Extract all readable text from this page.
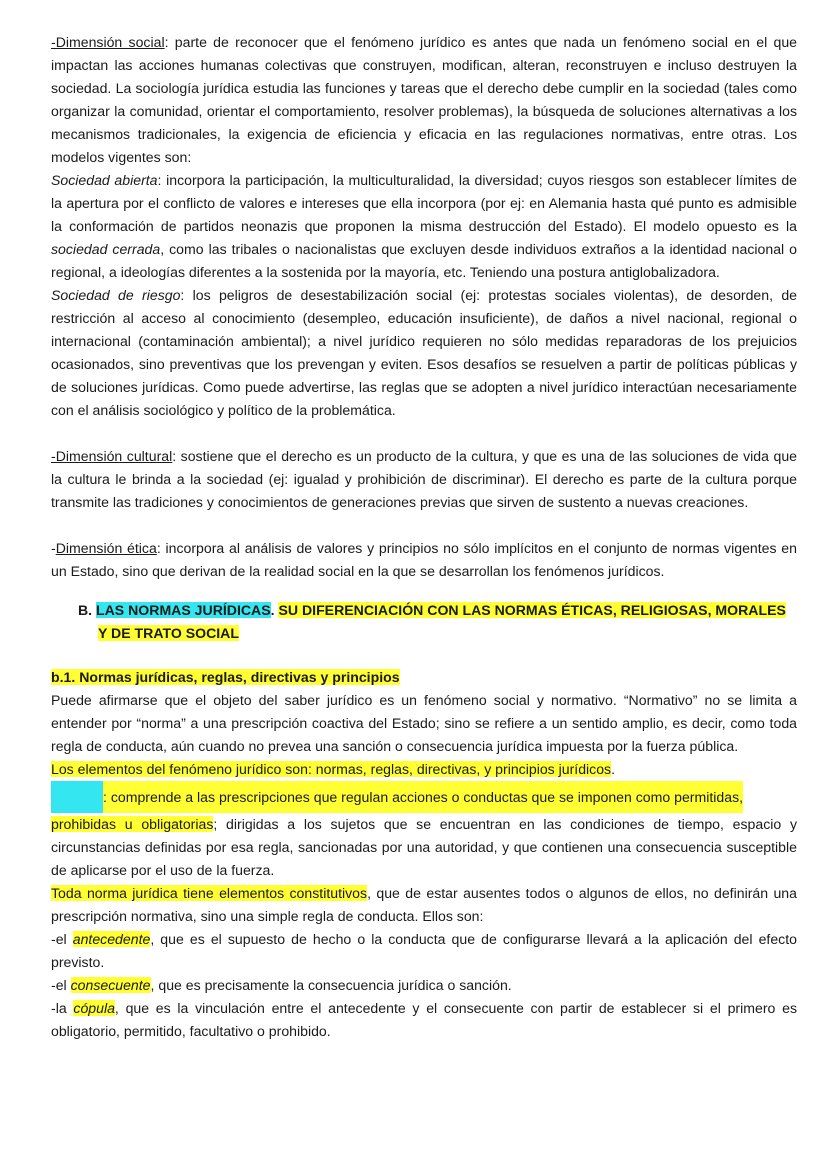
-Dimensión social: parte de reconocer que el fenómeno jurídico es antes que nada un fenómeno social en el que impactan las acciones humanas colectivas que construyen, modifican, alteran, reconstruyen e incluso destruyen la sociedad. La sociología jurídica estudia las funciones y tareas que el derecho debe cumplir en la sociedad (tales como organizar la comunidad, orientar el comportamiento, resolver problemas), la búsqueda de soluciones alternativas a los mecanismos tradicionales, la exigencia de eficiencia y eficacia en las regulaciones normativas, entre otras. Los modelos vigentes son:

Sociedad abierta: incorpora la participación, la multiculturalidad, la diversidad; cuyos riesgos son establecer límites de la apertura por el conflicto de valores e intereses que ella incorpora (por ej: en Alemania hasta qué punto es admisible la conformación de partidos neonazis que proponen la misma destrucción del Estado). El modelo opuesto es la sociedad cerrada, como las tribales o nacionalistas que excluyen desde individuos extraños a la identidad nacional o regional, a ideologías diferentes a la sostenida por la mayoría, etc. Teniendo una postura antiglobalizadora.

Sociedad de riesgo: los peligros de desestabilización social (ej: protestas sociales violentas), de desorden, de restricción al acceso al conocimiento (desempleo, educación insuficiente), de daños a nivel nacional, regional o internacional (contaminación ambiental); a nivel jurídico requieren no sólo medidas reparadoras de los prejuicios ocasionados, sino preventivas que los prevengan y eviten. Esos desafíos se resuelven a partir de políticas públicas y de soluciones jurídicas. Como puede advertirse, las reglas que se adopten a nivel jurídico interactúan necesariamente con el análisis sociológico y político de la problemática.

-Dimensión cultural: sostiene que el derecho es un producto de la cultura, y que es una de las soluciones de vida que la cultura le brinda a la sociedad (ej: igualad y prohibición de discriminar). El derecho es parte de la cultura porque transmite las tradiciones y conocimientos de generaciones previas que sirven de sustento a nuevas creaciones.

-Dimensión ética: incorpora al análisis de valores y principios no sólo implícitos en el conjunto de normas vigentes en un Estado, sino que derivan de la realidad social en la que se desarrollan los fenómenos jurídicos.

B. LAS NORMAS JURÍDICAS. SU DIFERENCIACIÓN CON LAS NORMAS ÉTICAS, RELIGIOSAS, MORALES Y DE TRATO SOCIAL

b.1. Normas jurídicas, reglas, directivas y principios

Puede afirmarse que el objeto del saber jurídico es un fenómeno social y normativo. “Normativo” no se limita a entender por “norma” a una prescripción coactiva del Estado; sino se refiere a un sentido amplio, es decir, como toda regla de conducta, aún cuando no prevea una sanción o consecuencia jurídica impuesta por la fuerza pública.

Los elementos del fenómeno jurídico son: normas, reglas, directivas, y principios jurídicos.

: comprende a las prescripciones que regulan acciones o conductas que se imponen como permitidas,

prohibidas u obligatorias; dirigidas a los sujetos que se encuentran en las condiciones de tiempo, espacio y circunstancias definidas por esa regla, sancionadas por una autoridad, y que contienen una consecuencia susceptible de aplicarse por el uso de la fuerza.

Toda norma jurídica tiene elementos constitutivos, que de estar ausentes todos o algunos de ellos, no definirán una prescripción normativa, sino una simple regla de conducta. Ellos son:

-el antecedente, que es el supuesto de hecho o la conducta que de configurarse llevará a la aplicación del efecto previsto.

-el consecuente, que es precisamente la consecuencia jurídica o sanción.

-la cópula, que es la vinculación entre el antecedente y el consecuente con partir de establecer si el primero es obligatorio, permitido, facultativo o prohibido.
